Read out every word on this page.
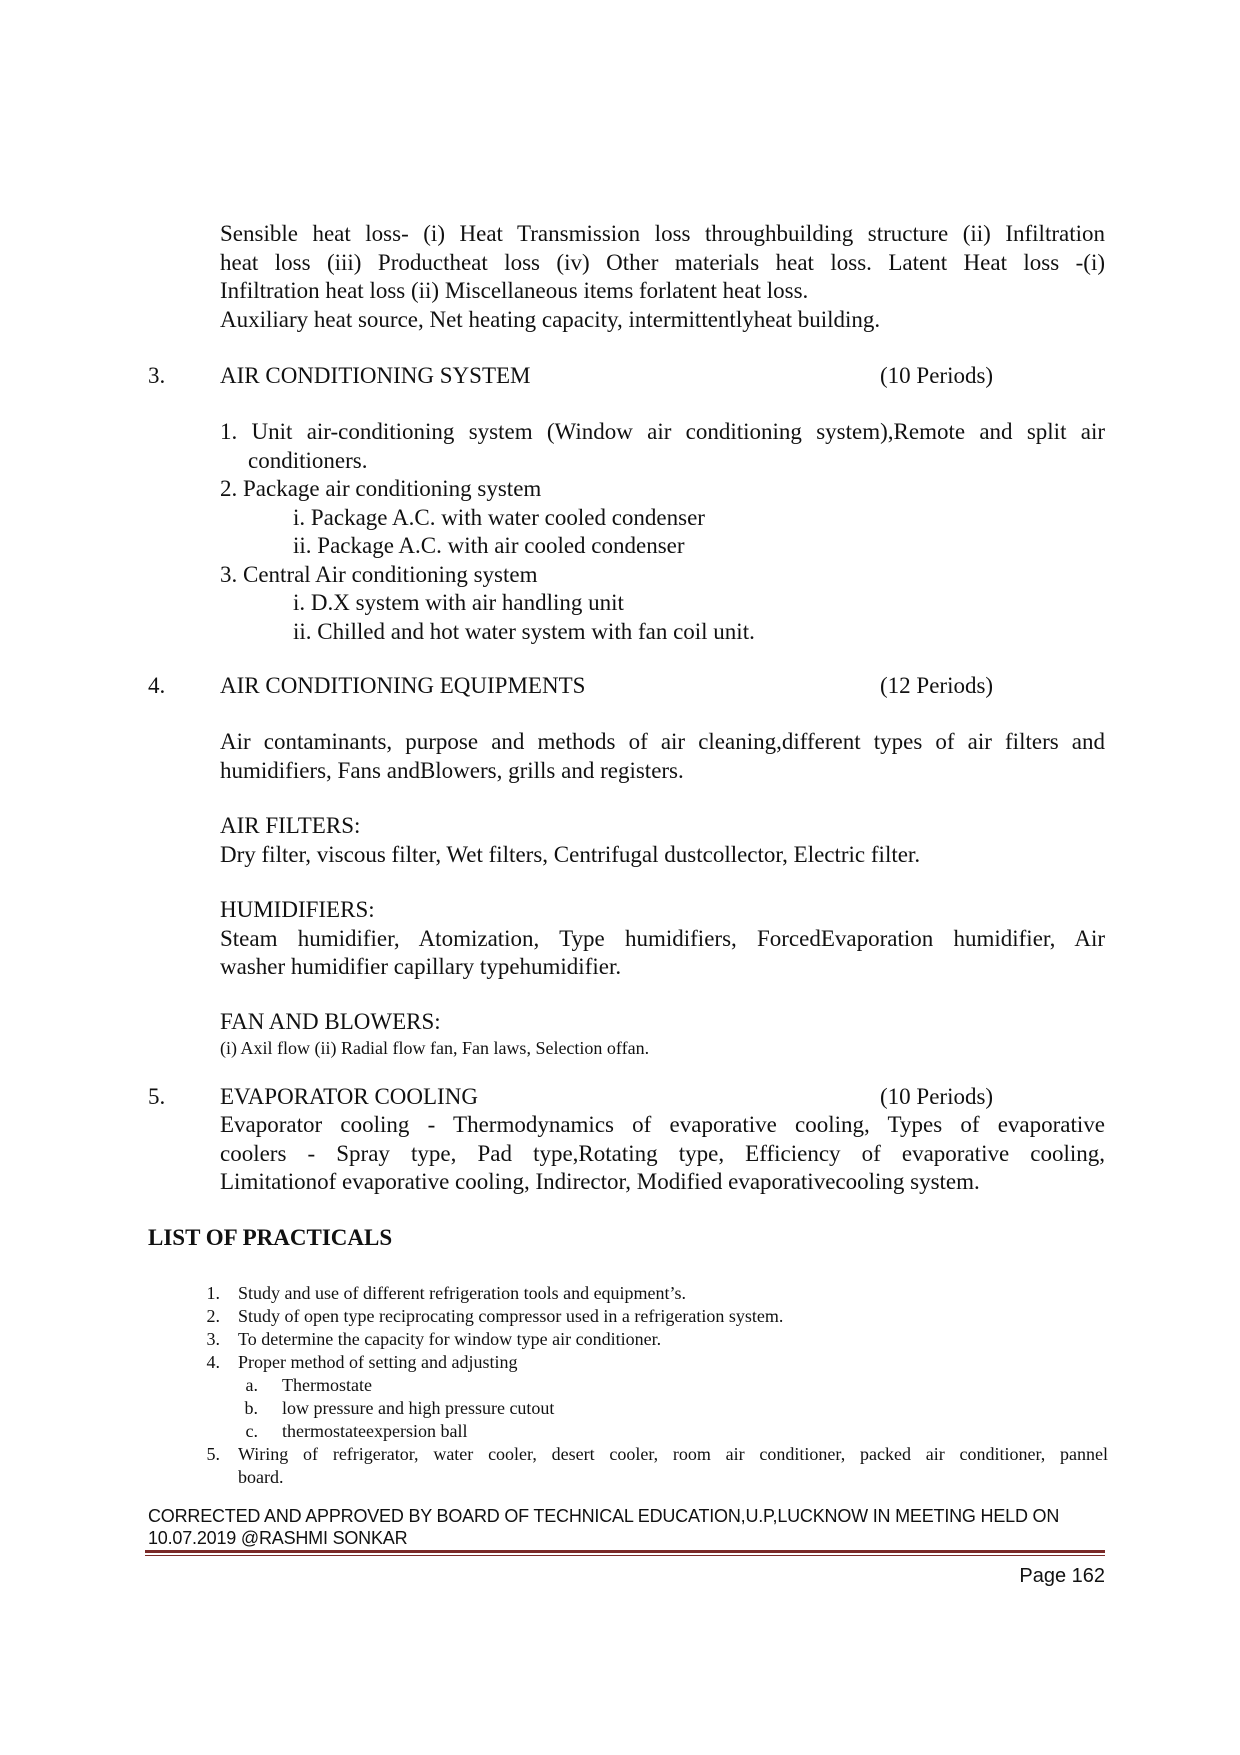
Sensible heat loss- (i) Heat Transmission loss throughbuilding structure (ii) Infiltration

heat loss (iii) Productheat loss (iv) Other materials heat loss. Latent Heat loss -(i)

Infiltration heat loss (ii) Miscellaneous items forlatent heat loss.

Auxiliary heat source, Net heating capacity, intermittentlyheat building.

3. AIR CONDITIONING SYSTEM	(10 Periods)

1. Unit air-conditioning system (Window air conditioning system),Remote and split air

conditioners.

2. Package air conditioning system

i. Package A.C. with water cooled condenser

ii. Package A.C. with air cooled condenser

3. Central Air conditioning system

i. D.X system with air handling unit

ii. Chilled and hot water system with fan coil unit.

4. AIR CONDITIONING EQUIPMENTS	(12 Periods)

Air contaminants, purpose and methods of air cleaning,different types of air filters and

humidifiers, Fans andBlowers, grills and registers.

AIR FILTERS:

Dry filter, viscous filter, Wet filters, Centrifugal dustcollector, Electric filter.

HUMIDIFIERS:

Steam humidifier, Atomization, Type humidifiers, ForcedEvaporation humidifier, Air

washer humidifier capillary typehumidifier.

FAN AND BLOWERS:

(i) Axil flow (ii) Radial flow fan, Fan laws, Selection offan.
5. EVAPORATOR COOLING	(10 Periods)

Evaporator cooling - Thermodynamics of evaporative cooling, Types of evaporative

coolers - Spray type, Pad type,Rotating type, Efficiency of evaporative cooling,

Limitationof evaporative cooling, Indirector, Modified evaporativecooling system.

LIST OF PRACTICALS
1.	Study and use of different refrigeration tools and equipment’s.
2.	Study of open type reciprocating compressor used in a refrigeration system.
3.	To determine the capacity for window type air conditioner.
4.	Proper method of setting and adjusting
a.	Thermostate
b.	low pressure and high pressure cutout
c.	thermostateexpersion ball
5. Wiring of refrigerator, water cooler, desert cooler, room air conditioner, packed air conditioner, pannel

board.

CORRECTED AND APPROVED BY BOARD OF TECHNICAL EDUCATION,U.P,LUCKNOW IN MEETING HELD ON
10.07.2019 @RASHMI SONKAR
Page 162
